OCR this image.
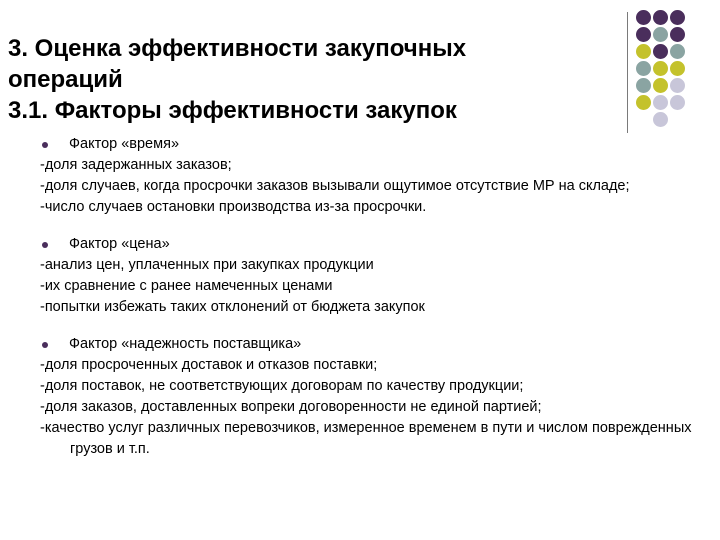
3. Оценка эффективности закупочных
операций
3.1. Факторы эффективности закупок
Фактор «время»
-доля задержанных заказов;
-доля случаев, когда просрочки заказов вызывали ощутимое отсутствие МР на складе;
-число случаев остановки производства из-за просрочки.
Фактор «цена»
-анализ цен, уплаченных при закупках продукции
-их сравнение с ранее намеченных ценами
-попытки избежать таких отклонений от бюджета закупок
Фактор «надежность поставщика»
-доля просроченных доставок и отказов поставки;
-доля поставок, не соответствующих договорам по качеству продукции;
-доля заказов, доставленных вопреки договоренности не единой партией;
-качество услуг различных перевозчиков, измеренное временем в пути и числом поврежденных грузов и т.п.
